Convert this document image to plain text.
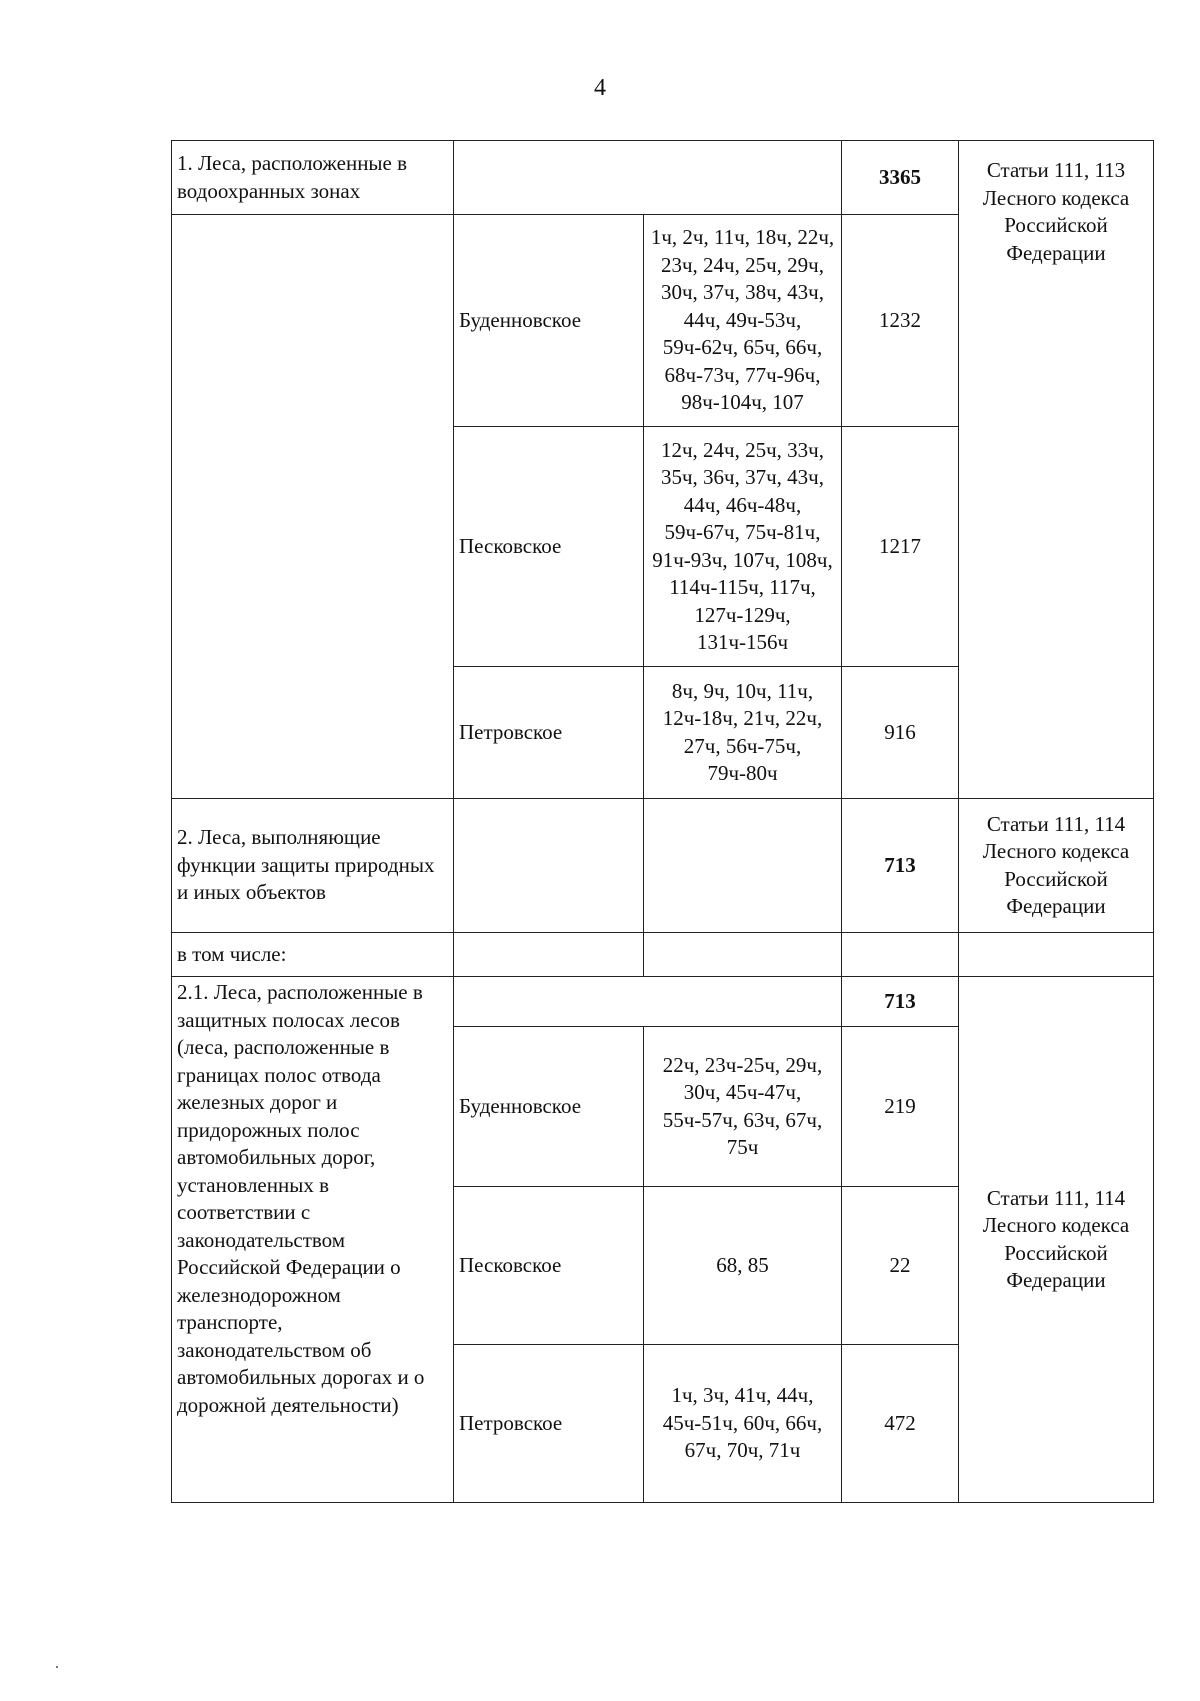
4
1. Леса, расположенные в водоохранных зонах			3365	Статьи 111, 113 Лесного кодекса Российской Федерации
	Буденновское	1ч, 2ч, 11ч, 18ч, 22ч, 23ч, 24ч, 25ч, 29ч, 30ч, 37ч, 38ч, 43ч, 44ч, 49ч-53ч, 59ч-62ч, 65ч, 66ч, 68ч-73ч, 77ч-96ч, 98ч-104ч, 107	1232	
	Песковское	12ч, 24ч, 25ч, 33ч, 35ч, 36ч, 37ч, 43ч, 44ч, 46ч-48ч, 59ч-67ч, 75ч-81ч, 91ч-93ч, 107ч, 108ч, 114ч-115ч, 117ч, 127ч-129ч, 131ч-156ч	1217	
	Петровское	8ч, 9ч, 10ч, 11ч, 12ч-18ч, 21ч, 22ч, 27ч, 56ч-75ч, 79ч-80ч	916	
2. Леса, выполняющие функции защиты природных и иных объектов			713	Статьи 111, 114 Лесного кодекса Российской Федерации
в том числе:				
2.1. Леса, расположенные в защитных полосах лесов (леса, расположенные в границах полос отвода железных дорог и придорожных полос автомобильных дорог, установленных в соответствии с законодательством Российской Федерации о железнодорожном транспорте, законодательством об автомобильных дорогах и о дорожной деятельности)			713	Статьи 111, 114 Лесного кодекса Российской Федерации
	Буденновское	22ч, 23ч-25ч, 29ч, 30ч, 45ч-47ч, 55ч-57ч, 63ч, 67ч, 75ч	219	
	Песковское	68, 85	22	
	Петровское	1ч, 3ч, 41ч, 44ч, 45ч-51ч, 60ч, 66ч, 67ч, 70ч, 71ч	472	
